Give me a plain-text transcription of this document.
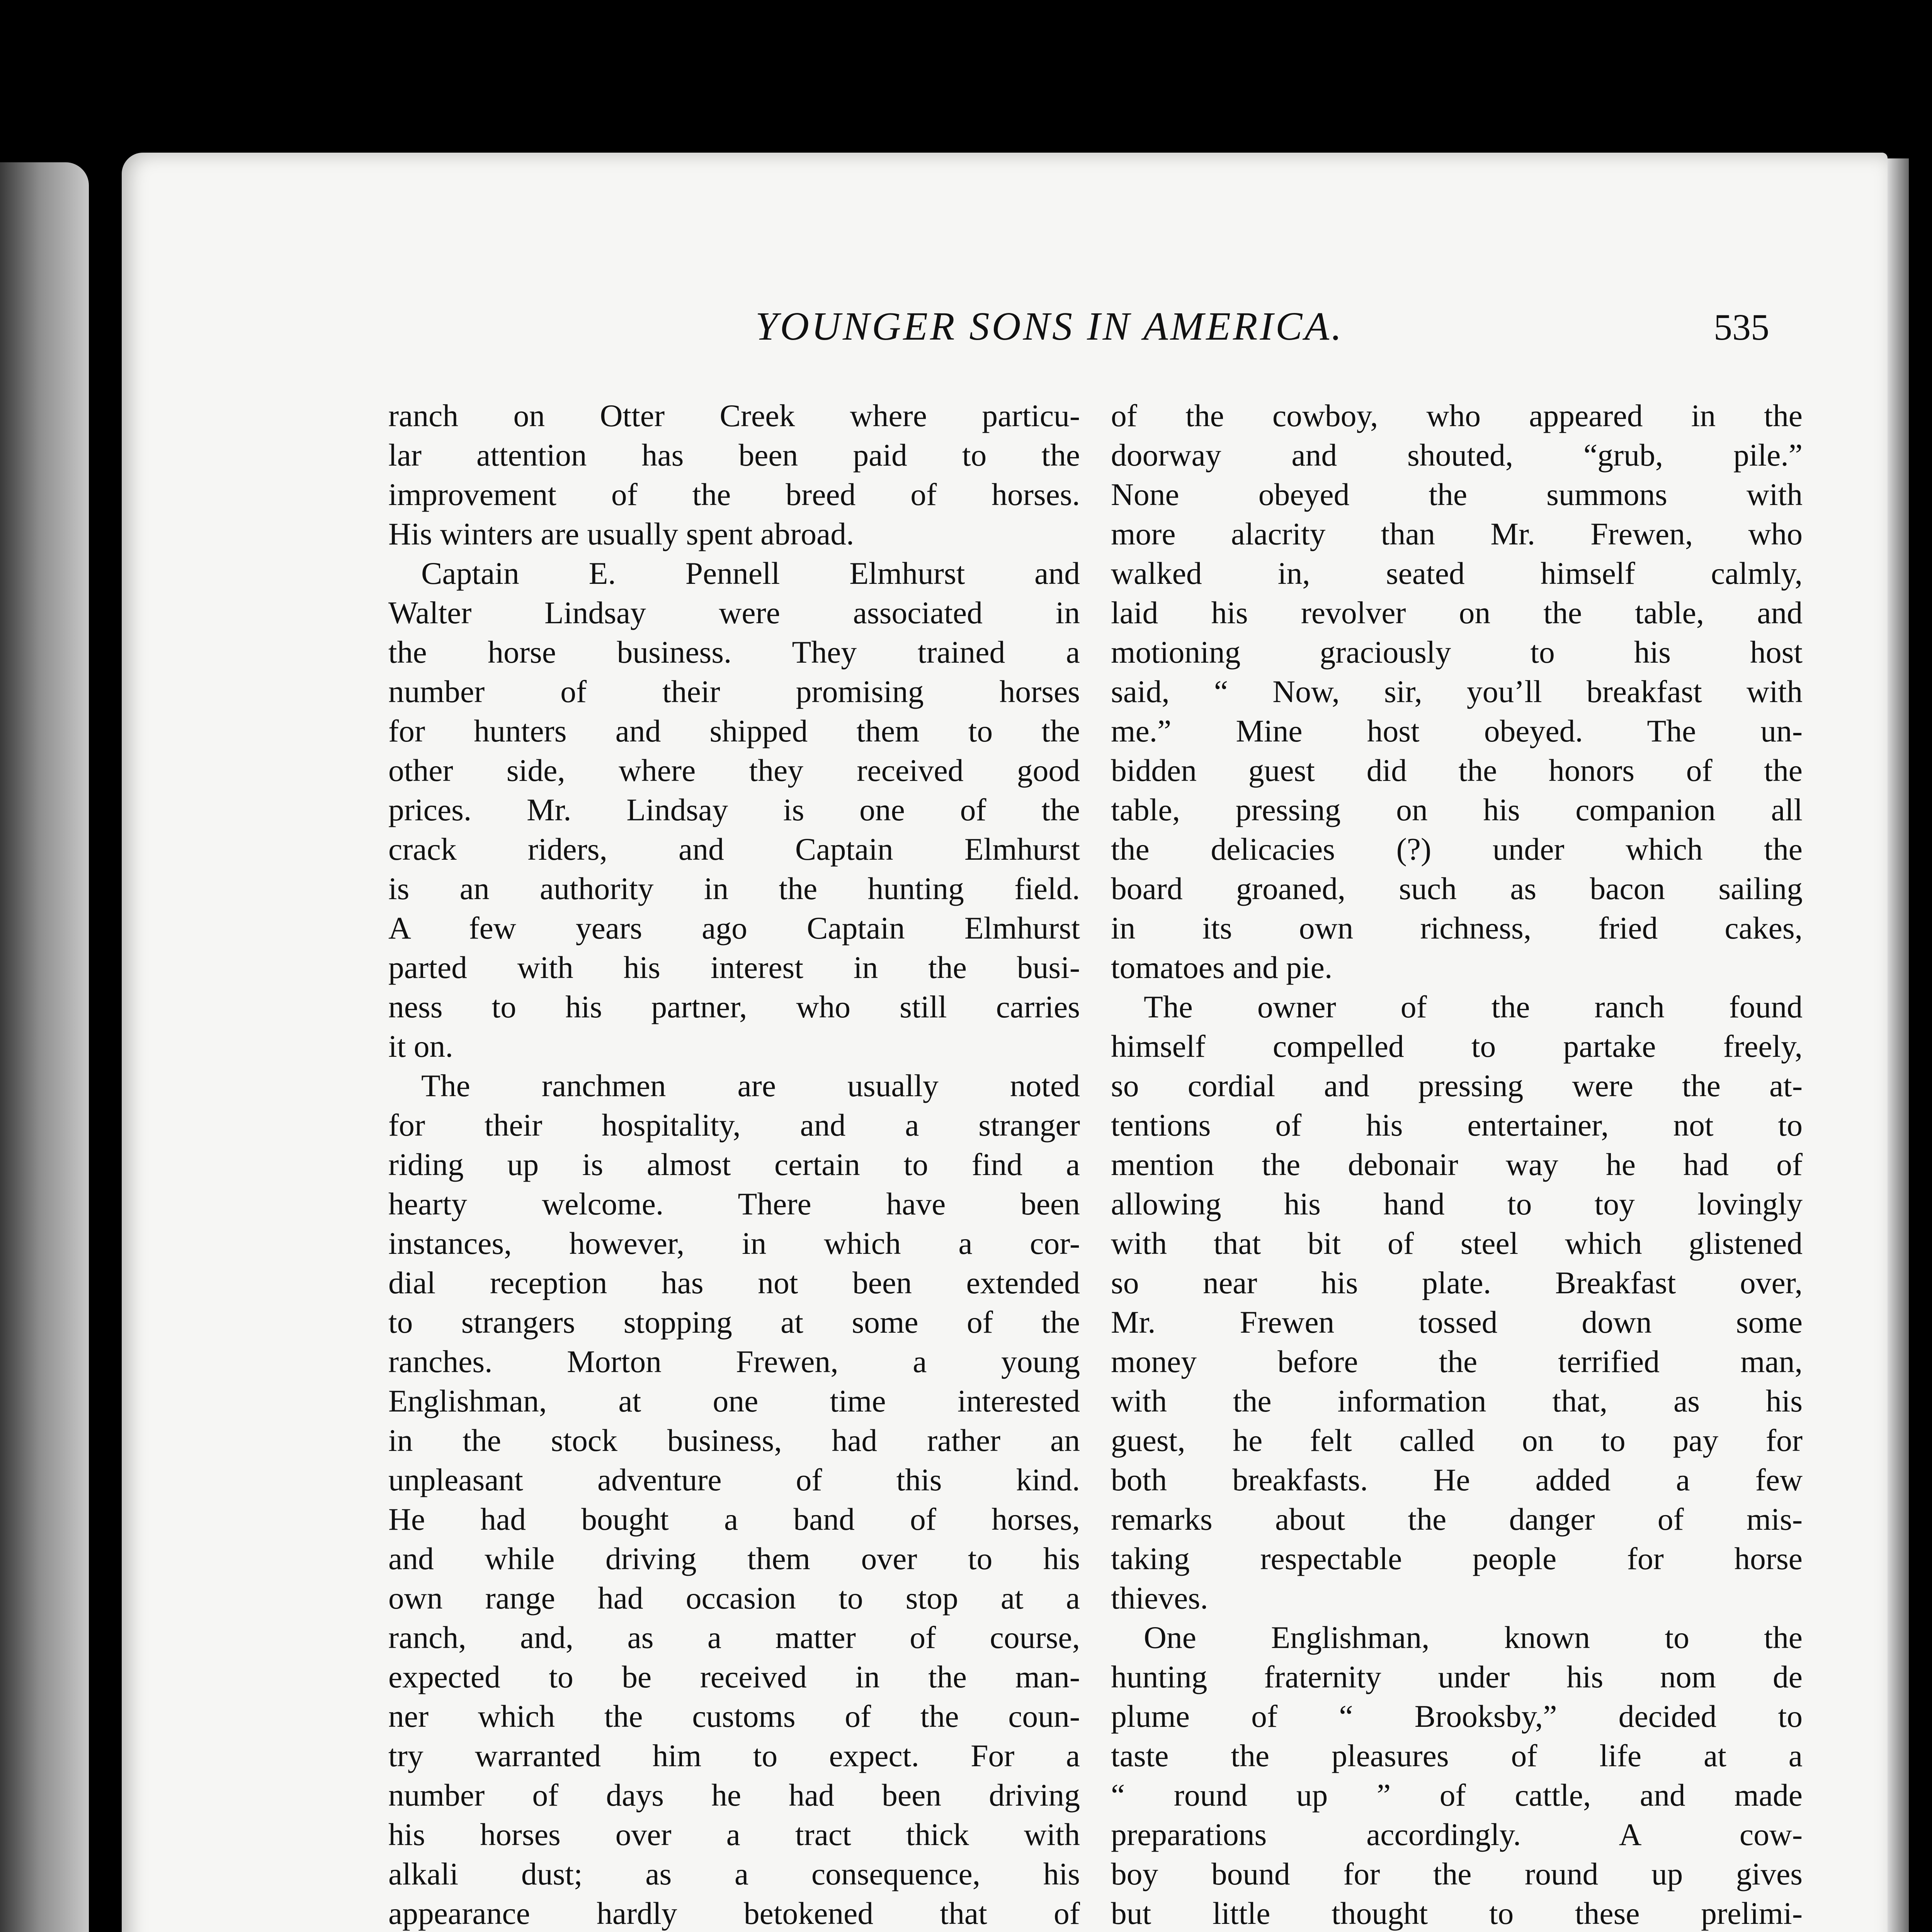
YOUNGER SONS IN AMERICA.	535
ranch on Otter Creek where particu-
lar attention has been paid to the
improvement of the breed of horses.
His winters are usually spent abroad.
Captain E. Pennell Elmhurst and
Walter Lindsay were associated in
the horse business. They trained a
number of their promising horses
for hunters and shipped them to the
other side, where they received good
prices. Mr. Lindsay is one of the
crack riders, and Captain Elmhurst
is an authority in the hunting field.
A few years ago Captain Elmhurst
parted with his interest in the busi-
ness to his partner, who still carries
it on.
The ranchmen are usually noted
for their hospitality, and a stranger
riding up is almost certain to find a
hearty welcome. There have been
instances, however, in which a cor-
dial reception has not been extended
to strangers stopping at some of the
ranches. Morton Frewen, a young
Englishman, at one time interested
in the stock business, had rather an
unpleasant adventure of this kind.
He had bought a band of horses,
and while driving them over to his
own range had occasion to stop at a
ranch, and, as a matter of course,
expected to be received in the man-
ner which the customs of the coun-
try warranted him to expect. For a
number of days he had been driving
his horses over a tract thick with
alkali dust; as a consequence, his
appearance hardly betokened that of
of the cowboy, who appeared in the
doorway and shouted, “grub, pile.”
None obeyed the summons with
more alacrity than Mr. Frewen, who
walked in, seated himself calmly,
laid his revolver on the table, and
motioning graciously to his host
said, “ Now, sir, you’ll breakfast with
me.” Mine host obeyed. The un-
bidden guest did the honors of the
table, pressing on his companion all
the delicacies (?) under which the
board groaned, such as bacon sailing
in its own richness, fried cakes,
tomatoes and pie.
The owner of the ranch found
himself compelled to partake freely,
so cordial and pressing were the at-
tentions of his entertainer, not to
mention the debonair way he had of
allowing his hand to toy lovingly
with that bit of steel which glistened
so near his plate. Breakfast over,
Mr. Frewen tossed down some
money before the terrified man,
with the information that, as his
guest, he felt called on to pay for
both breakfasts. He added a few
remarks about the danger of mis-
taking respectable people for horse
thieves.
One Englishman, known to the
hunting fraternity under his nom de
plume of “ Brooksby,” decided to
taste the pleasures of life at a
“ round up ” of cattle, and made
preparations accordingly. A cow-
boy bound for the round up gives
but little thought to these prelimi-
